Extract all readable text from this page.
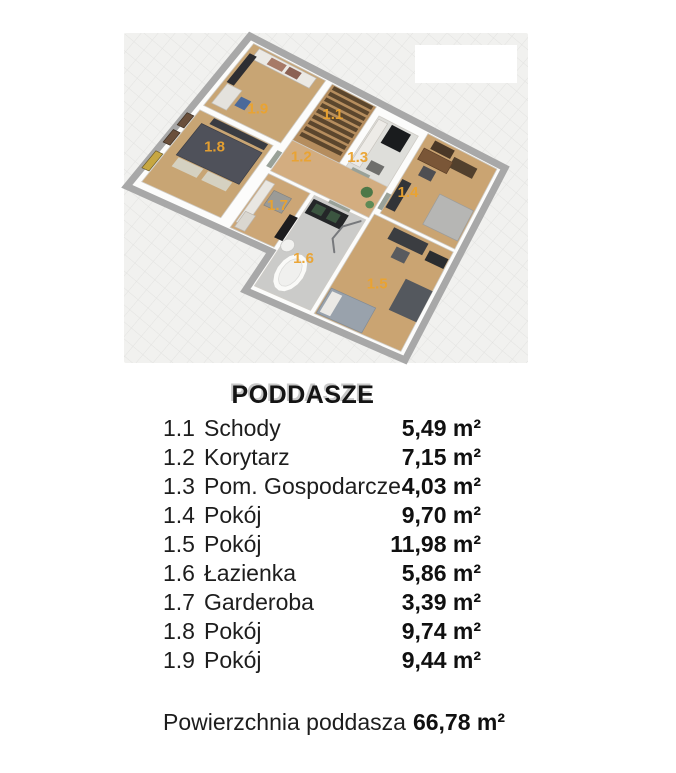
1.9	1.1
1.3
1.4
1.8
1.2
1.7
1.6
1.5
PODDASZE
1.1 Schody	5,49 m²
1.2 Korytarz	7,15 m²
1.3 Pom. Gospodarcze 4,03 m²
1.4 Pokój	9,70 m²
1.5 Pokój	11,98 m²
1.6 Łazienka	5,86 m²
1.7 Garderoba	3,39 m²
1.8 Pokój	9,74 m²
1.9 Pokój	9,44 m²
Powierzchnia poddasza 66,78 m²
